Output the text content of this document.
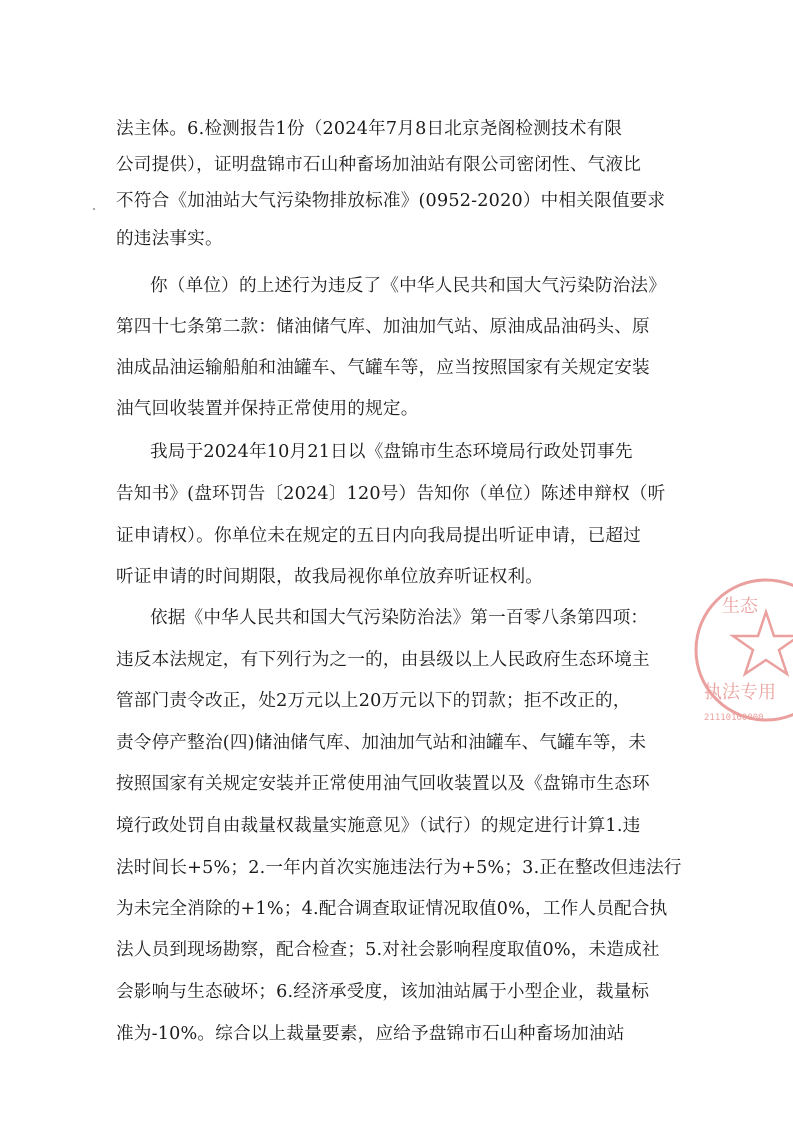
法主体。6.检测报告1份（2024年7月8日北京尧阁检测技术有限
公司提供），证明盘锦市石山种畜场加油站有限公司密闭性、气液比
不符合《加油站大气污染物排放标准》(0952-2020）中相关限值要求
的违法事实。
你（单位）的上述行为违反了《中华人民共和国大气污染防治法》
第四十七条第二款：储油储气库、加油加气站、原油成品油码头、原
油成品油运输船舶和油罐车、气罐车等，应当按照国家有关规定安装
油气回收装置并保持正常使用的规定。
我局于2024年10月21日以《盘锦市生态环境局行政处罚事先
告知书》(盘环罚告〔2024〕120号）告知你（单位）陈述申辩权（听
证申请权）。你单位未在规定的五日内向我局提出听证申请，已超过
听证申请的时间期限，故我局视你单位放弃听证权利。
依据《中华人民共和国大气污染防治法》第一百零八条第四项：
违反本法规定，有下列行为之一的，由县级以上人民政府生态环境主
管部门责令改正，处2万元以上20万元以下的罚款；拒不改正的，
责令停产整治(四)储油储气库、加油加气站和油罐车、气罐车等，未
按照国家有关规定安装并正常使用油气回收装置以及《盘锦市生态环
境行政处罚自由裁量权裁量实施意见》（试行）的规定进行计算1.违
法时间长+5%；2.一年内首次实施违法行为+5%；3.正在整改但违法行
为未完全消除的+1%；4.配合调查取证情况取值0%，工作人员配合执
法人员到现场勘察，配合检查；5.对社会影响程度取值0%，未造成社
会影响与生态破坏；6.经济承受度，该加油站属于小型企业，裁量标
准为-10%。综合以上裁量要素，应给予盘锦市石山种畜场加油站
生态
执法专用
21110100000
